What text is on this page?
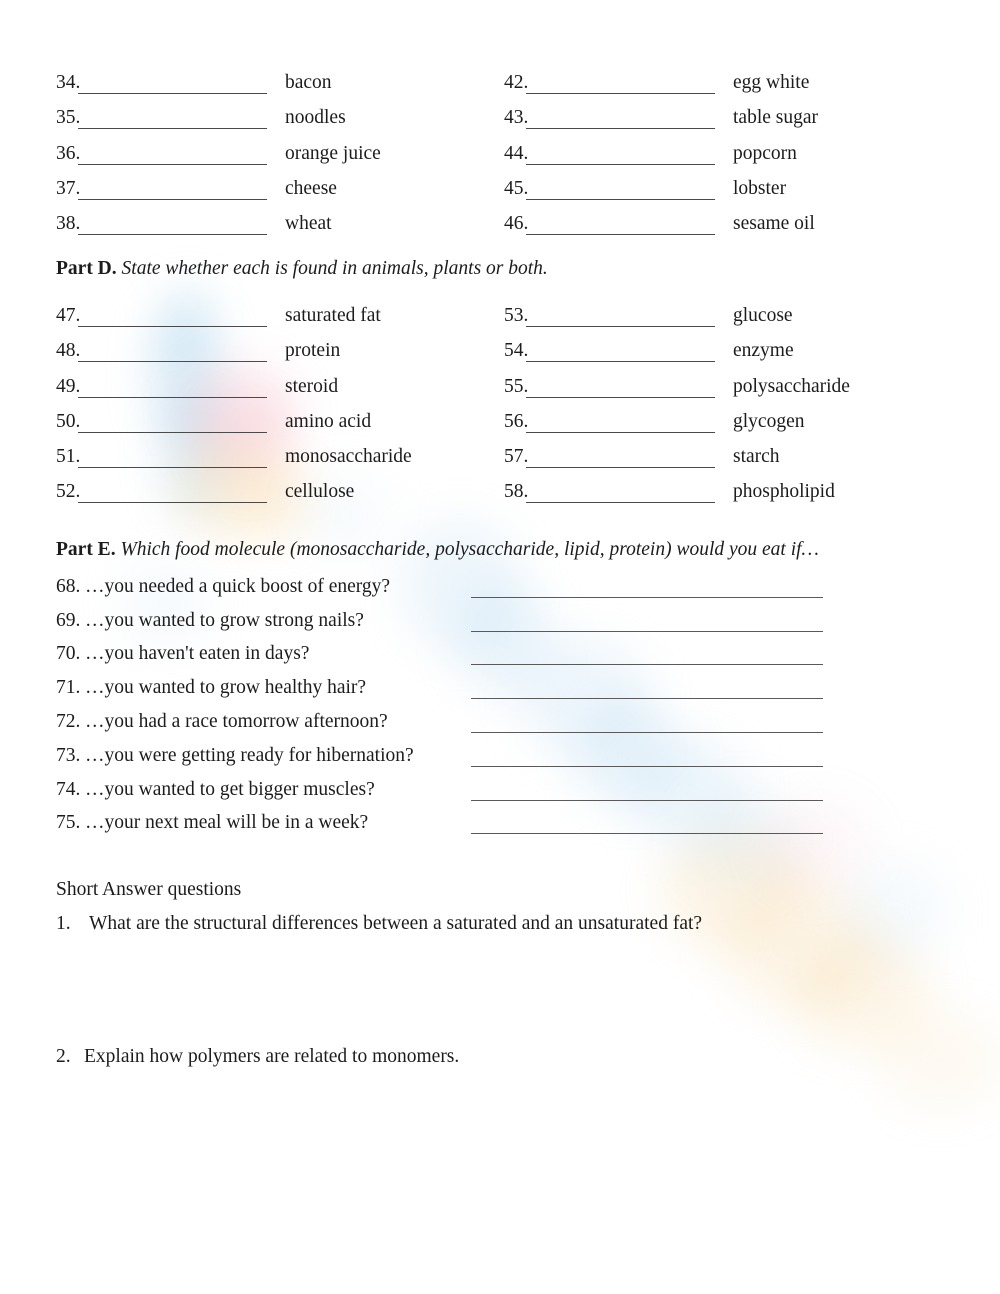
34.	bacon
35.	noodles
36.	orange juice
37.	cheese
38.	wheat
42.	egg white
43.	table sugar
44.	popcorn
45.	lobster
46.	sesame oil
Part D. State whether each is found in animals, plants or both.
47.	saturated fat
48.	protein
49.	steroid
50.	amino acid
51.	monosaccharide
52.	cellulose
53.	glucose
54.	enzyme
55.	polysaccharide
56.	glycogen
57.	starch
58.	phospholipid
Part E. Which food molecule (monosaccharide, polysaccharide, lipid, protein) would you eat if…
68. …you needed a quick boost of energy?
69. …you wanted to grow strong nails?
70. …you haven't eaten in days?
71. …you wanted to grow healthy hair?
72. …you had a race tomorrow afternoon?
73. …you were getting ready for hibernation?
74. …you wanted to get bigger muscles?
75. …your next meal will be in a week?
Short Answer questions
1. What are the structural differences between a saturated and an unsaturated fat?
2. Explain how polymers are related to monomers.
